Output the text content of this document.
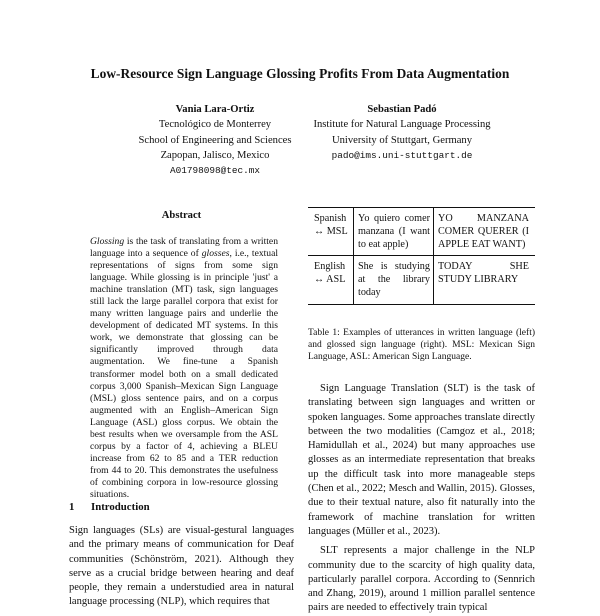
Low-Resource Sign Language Glossing Profits From Data Augmentation
Vania Lara-Ortiz
Tecnológico de Monterrey
School of Engineering and Sciences
Zapopan, Jalisco, Mexico
A01798098@tec.mx
Sebastian Padó
Institute for Natural Language Processing
University of Stuttgart, Germany
pado@ims.uni-stuttgart.de
Abstract

Glossing is the task of translating from a written language into a sequence of glosses, i.e., textual representations of signs from some sign language. While glossing is in principle 'just' a machine translation (MT) task, sign languages still lack the large parallel corpora that exist for many written language pairs and underlie the development of dedicated MT systems. In this work, we demonstrate that glossing can be significantly improved through data augmentation. We fine-tune a Spanish transformer model both on a small dedicated corpus 3,000 Spanish–Mexican Sign Language (MSL) gloss sentence pairs, and on a corpus augmented with an English–American Sign Language (ASL) gloss corpus. We obtain the best results when we oversample from the ASL corpus by a factor of 4, achieving a BLEU increase from 62 to 85 and a TER reduction from 44 to 20. This demonstrates the usefulness of combining corpora in low-resource glossing situations.

1 Introduction

Sign languages (SLs) are visual-gestural languages and the primary means of communication for Deaf communities (Schönström, 2021). Although they serve as a crucial bridge between hearing and deaf people, they remain a understudied area in natural language processing (NLP), which requires that

Spanish ↔ MSL	Yo quiero comer manzana (I want to eat apple)	YO MANZANA COMER QUERER (I APPLE EAT WANT)
English ↔ ASL	She is studying at the library today	TODAY SHE STUDY LIBRARY
Table 1: Examples of utterances in written language (left) and glossed sign language (right). MSL: Mexican Sign Language, ASL: American Sign Language.

Sign Language Translation (SLT) is the task of translating between sign languages and written or spoken languages. Some approaches translate directly between the two modalities (Camgoz et al., 2018; Hamidullah et al., 2024) but many approaches use glosses as an intermediate representation that breaks up the difficult task into more manageable steps (Chen et al., 2022; Mesch and Wallin, 2015). Glosses, due to their textual nature, also fit naturally into the framework of machine translation for written languages (Müller et al., 2023).

SLT represents a major challenge in the NLP community due to the scarcity of high quality data, particularly parallel corpora. According to (Sennrich and Zhang, 2019), around 1 million parallel sentence pairs are needed to effectively train typical
